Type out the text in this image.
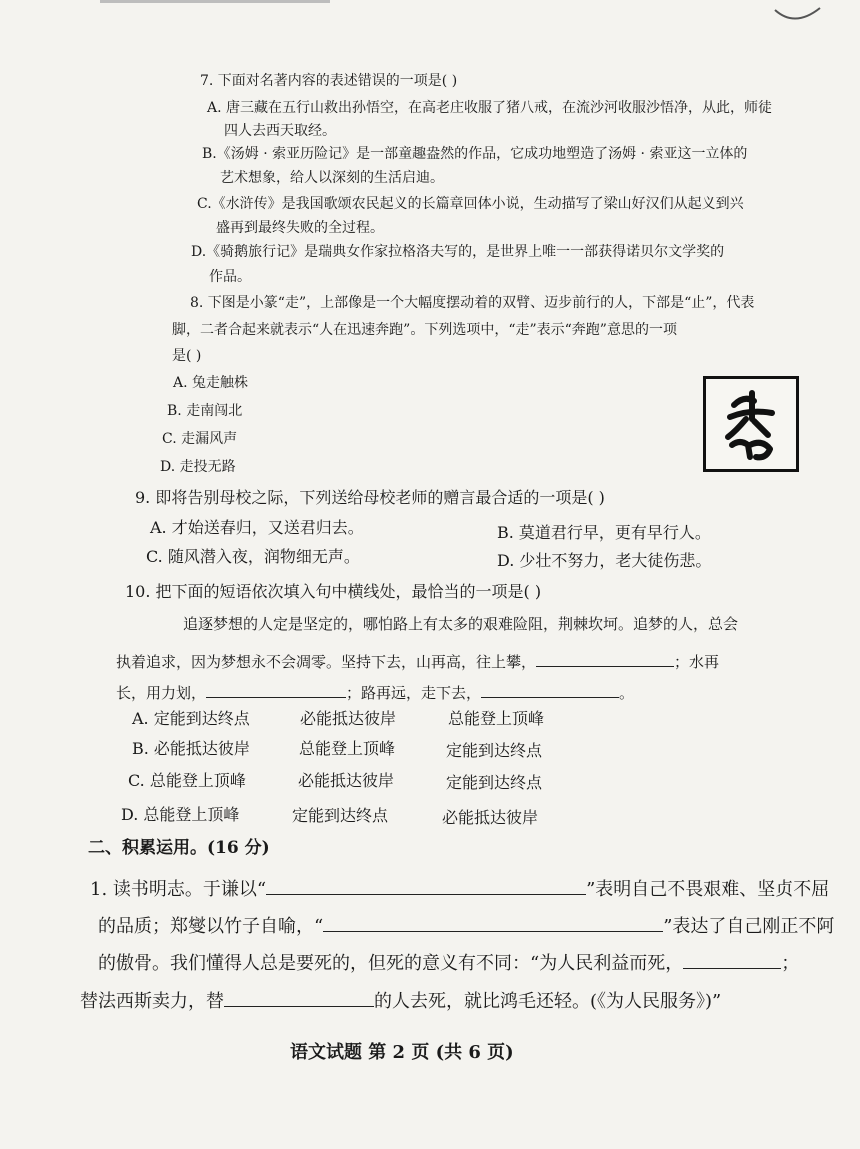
7. 下面对名著内容的表述错误的一项是( )
A. 唐三藏在五行山救出孙悟空，在高老庄收服了猪八戒，在流沙河收服沙悟净，从此，师徒
四人去西天取经。
B.《汤姆 · 索亚历险记》是一部童趣盎然的作品，它成功地塑造了汤姆 · 索亚这一立体的
艺术想象，给人以深刻的生活启迪。
C.《水浒传》是我国歌颂农民起义的长篇章回体小说，生动描写了梁山好汉们从起义到兴
盛再到最终失败的全过程。
D.《骑鹅旅行记》是瑞典女作家拉格洛夫写的，是世界上唯一一部获得诺贝尔文学奖的
作品。
8. 下图是小篆“走”，上部像是一个大幅度摆动着的双臂、迈步前行的人，下部是“止”，代表
脚，二者合起来就表示“人在迅速奔跑”。下列选项中，“走”表示“奔跑”意思的一项
是( )
A. 兔走触株
B. 走南闯北
C. 走漏风声
D. 走投无路
9. 即将告别母校之际，下列送给母校老师的赠言最合适的一项是( )
A. 才始送春归，又送君归去。	B. 莫道君行早，更有早行人。
C. 随风潜入夜，润物细无声。	D. 少壮不努力，老大徒伤悲。
10. 把下面的短语依次填入句中横线处，最恰当的一项是( )
追逐梦想的人定是坚定的，哪怕路上有太多的艰难险阻，荆棘坎坷。追梦的人，总会
执着追求，因为梦想永不会凋零。坚持下去，山再高，往上攀，	；水再
长，用力划，	；路再远，走下去，	。
A. 定能到达终点	必能抵达彼岸	总能登上顶峰
B. 必能抵达彼岸	总能登上顶峰	定能到达终点
C. 总能登上顶峰	必能抵达彼岸	定能到达终点
D. 总能登上顶峰	定能到达终点	必能抵达彼岸
二、积累运用。(16 分)
1. 读书明志。于谦以“	”表明自己不畏艰难、坚贞不屈
的品质；郑燮以竹子自喻，“	”表达了自己刚正不阿
的傲骨。我们懂得人总是要死的，但死的意义有不同：“为人民利益而死，	；
替法西斯卖力，替	的人去死，就比鸿毛还轻。(《为人民服务》)”
语文试题 第 2 页 (共 6 页)
